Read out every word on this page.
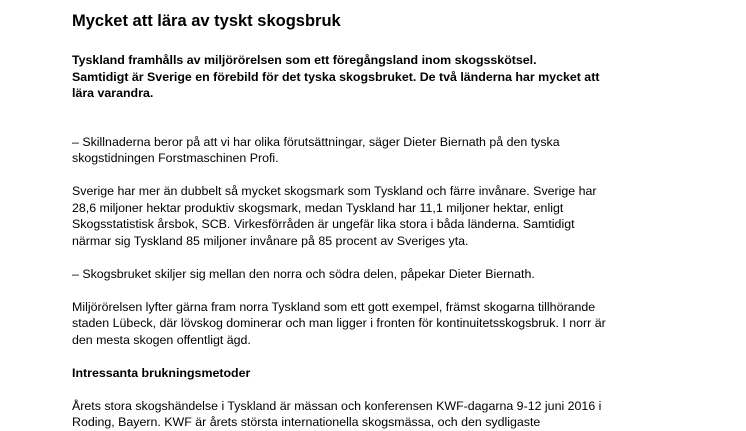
Mycket att lära av tyskt skogsbruk

Tyskland framhålls av miljörörelsen som ett föregångsland inom skogsskötsel.
Samtidigt är Sverige en förebild för det tyska skogsbruket. De två länderna har mycket att
lära varandra.

– Skillnaderna beror på att vi har olika förutsättningar, säger Dieter Biernath på den tyska
skogstidningen Forstmaschinen Profi.

Sverige har mer än dubbelt så mycket skogsmark som Tyskland och färre invånare. Sverige har
28,6 miljoner hektar produktiv skogsmark, medan Tyskland har 11,1 miljoner hektar, enligt
Skogsstatistisk årsbok, SCB. Virkesförråden är ungefär lika stora i båda länderna. Samtidigt
närmar sig Tyskland 85 miljoner invånare på 85 procent av Sveriges yta.

– Skogsbruket skiljer sig mellan den norra och södra delen, påpekar Dieter Biernath.

Miljörörelsen lyfter gärna fram norra Tyskland som ett gott exempel, främst skogarna tillhörande
staden Lübeck, där lövskog dominerar och man ligger i fronten för kontinuitetsskogsbruk. I norr är
den mesta skogen offentligt ägd.

Intressanta brukningsmetoder

Årets stora skogshändelse i Tyskland är mässan och konferensen KWF-dagarna 9-12 juni 2016 i
Roding, Bayern. KWF är årets största internationella skogsmässa, och den sydligaste
